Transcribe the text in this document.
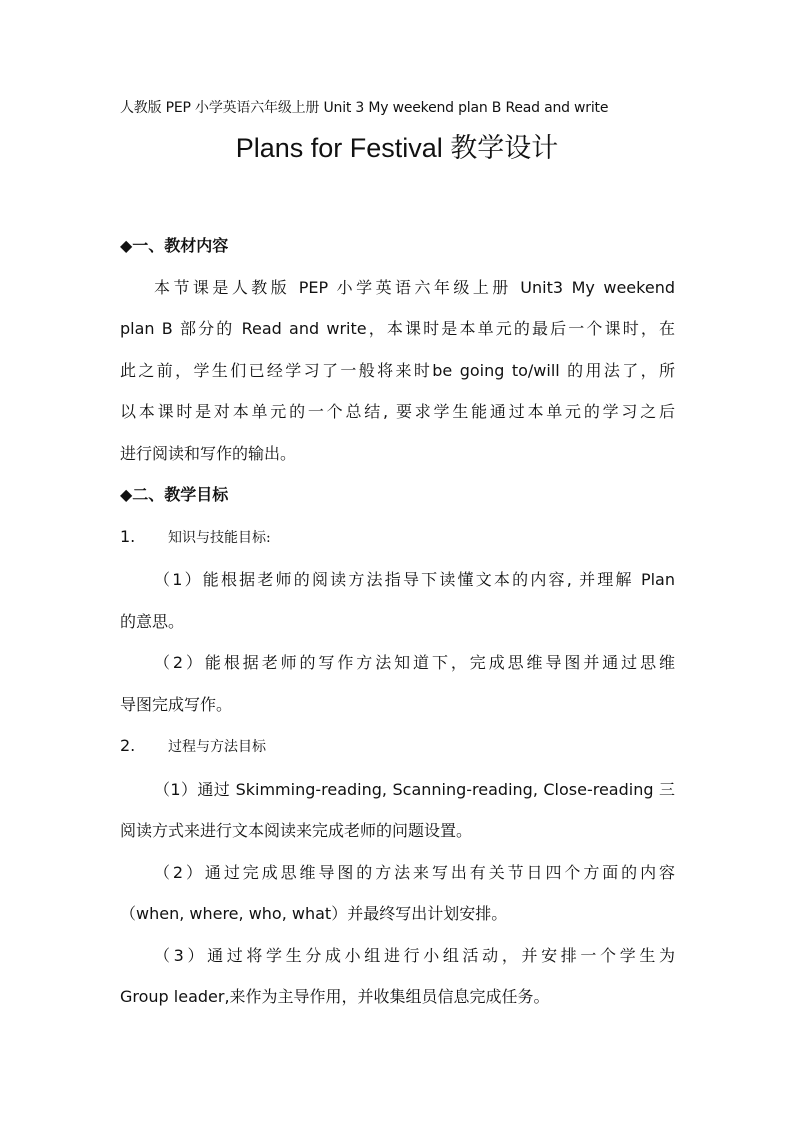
人教版 PEP 小学英语六年级上册 Unit 3 My weekend plan B Read and write
Plans for Festival 教学设计

◆一、教材内容

本节课是人教版 PEP 小学英语六年级上册 Unit3 My weekend

plan B 部分的 Read and write，本课时是本单元的最后一个课时，在

此之前，学生们已经学习了一般将来时be going to/will 的用法了，所

以本课时是对本单元的一个总结, 要求学生能通过本单元的学习之后

进行阅读和写作的输出。

◆二、教学目标

1. 知识与技能目标:

（1）能根据老师的阅读方法指导下读懂文本的内容, 并理解 Plan

的意思。

（2）能根据老师的写作方法知道下，完成思维导图并通过思维

导图完成写作。

2. 过程与方法目标

（1）通过 Skimming-reading, Scanning-reading, Close-reading 三

阅读方式来进行文本阅读来完成老师的问题设置。

（2）通过完成思维导图的方法来写出有关节日四个方面的内容

（when, where, who, what）并最终写出计划安排。

（3）通过将学生分成小组进行小组活动，并安排一个学生为

Group leader,来作为主导作用，并收集组员信息完成任务。
